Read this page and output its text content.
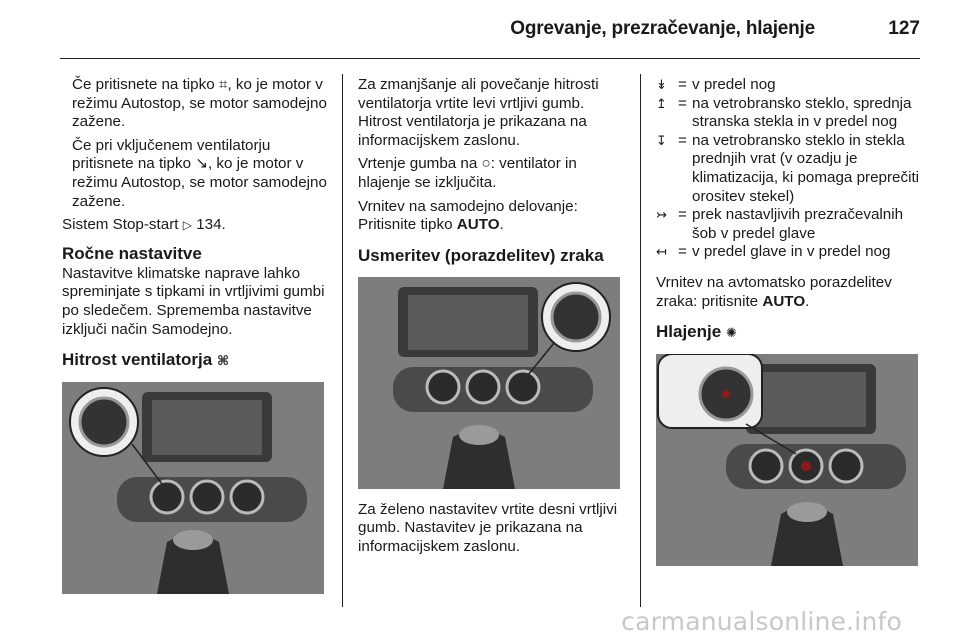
Ogrevanje, prezračevanje, hlajenje	127

Če pritisnete na tipko ⌗, ko je motor v režimu Autostop, se motor samodejno zažene.

Če pri vključenem ventilatorju pritisnete na tipko ↘, ko je motor v režimu Autostop, se motor samodejno zažene.

Sistem Stop-start ▷ 134.

Ročne nastavitve

Nastavitve klimatske naprave lahko spreminjate s tipkami in vrtljivimi gumbi po sledečem. Sprememba nastavitve izključi način Samodejno.

Hitrost ventilatorja ⌘

Za zmanjšanje ali povečanje hitrosti ventilatorja vrtite levi vrtljivi gumb. Hitrost ventilatorja je prikazana na informacijskem zaslonu.

Vrtenje gumba na ○: ventilator in hlajenje se izključita.

Vrnitev na samodejno delovanje: Pritisnite tipko AUTO.

Usmeritev (porazdelitev) zraka

Za želeno nastavitev vrtite desni vrtljivi gumb. Nastavitev je prikazana na informacijskem zaslonu.

↡ = v predel nog
↥ = na vetrobransko steklo, sprednja stranska stekla in v predel nog
↧ = na vetrobransko steklo in stekla prednjih vrat (v ozadju je klimatizacija, ki pomaga preprečiti orositev stekel)
↣ = prek nastavljivih prezračevalnih šob v predel glave
↤ = v predel glave in v predel nog

Vrnitev na avtomatsko porazdelitev zraka: pritisnite AUTO.

Hlajenje ✺
carmanualsonline.info
